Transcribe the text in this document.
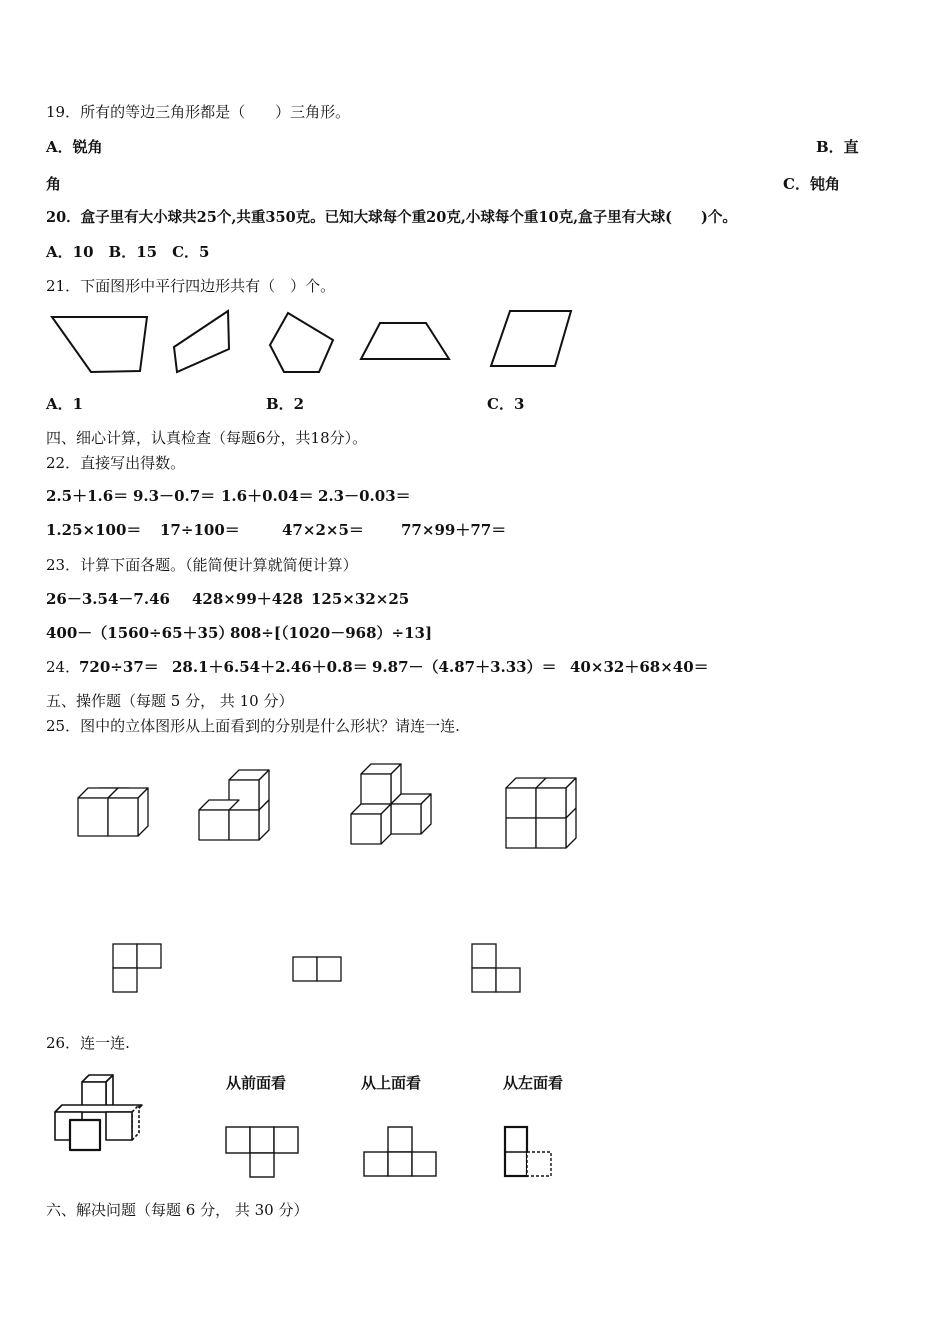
19．所有的等边三角形都是（　　）三角形。
A．锐角	B．直
角	C．钝角
20．盒子里有大小球共25个,共重350克。已知大球每个重20克,小球每个重10克,盒子里有大球(　　)个。
A．10　B．15　C．5
21．下面图形中平行四边形共有（　）个。
A．1	B．2	C．3
四、细心计算，认真检查（每题6分，共18分）。
22．直接写出得数。
2.5＋1.6＝ 9.3－0.7＝ 1.6＋0.04＝ 2.3－0.03＝
1.25×100＝ 17÷100＝	47×2×5＝ 77×99＋77＝
23．计算下面各题。（能简便计算就简便计算）
26－3.54－7.46 428×99＋428 125×32×25
400－（1560÷65＋35）
808÷[（1020－968）÷13]
24．
720÷37＝ 28.1＋6.54＋2.46＋0.8＝ 9.87－（4.87＋3.33）＝ 40×32＋68×40＝
五、操作题（每题 5 分， 共 10 分）
25．图中的立体图形从上面看到的分别是什么形状？请连一连.
26．连一连.
从前面看	从上面看	从左面看
六、解决问题（每题 6 分， 共 30 分）
